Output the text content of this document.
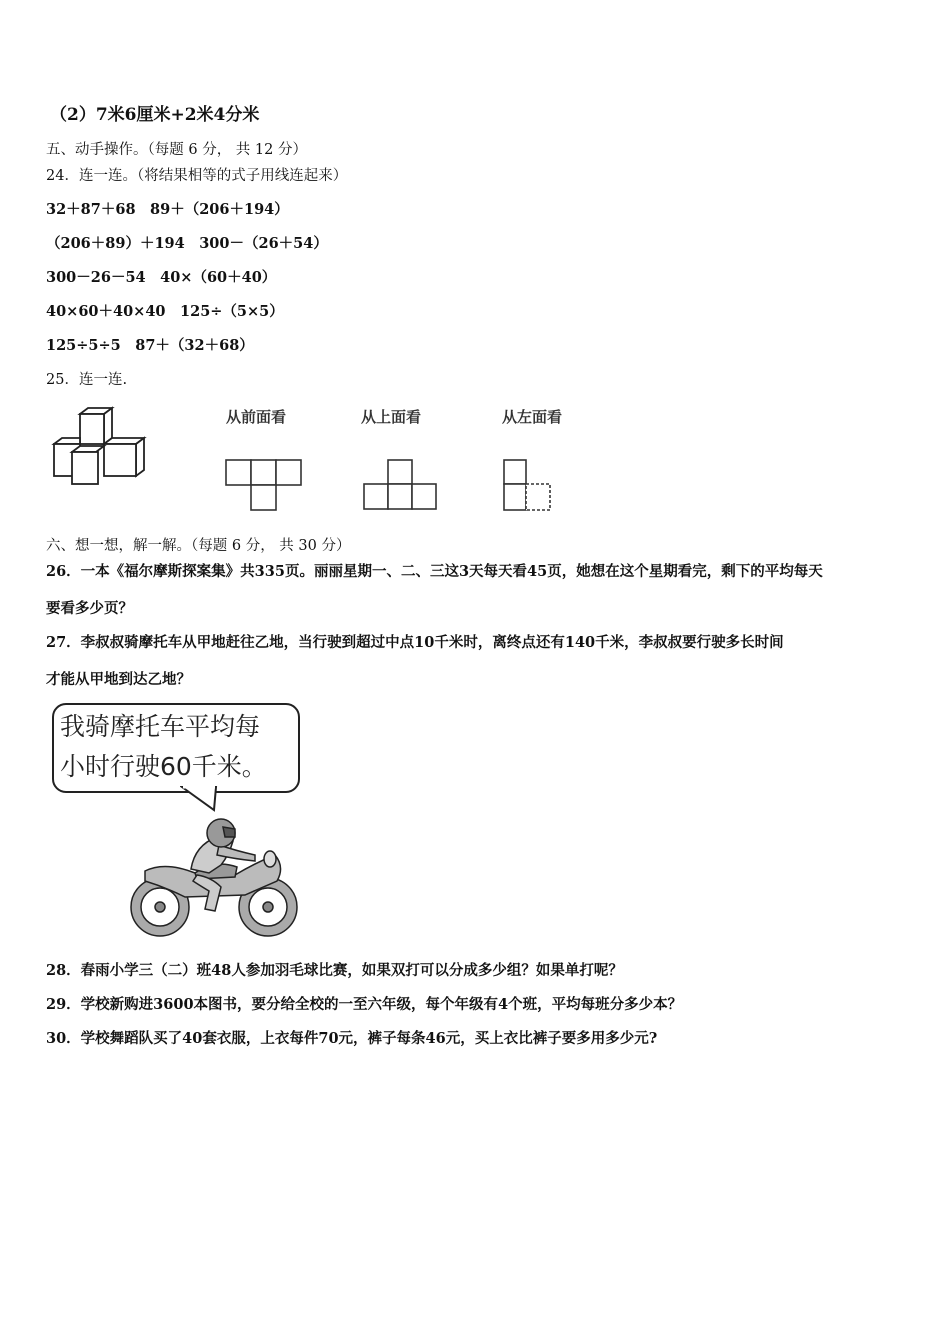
（2）7米6厘米+2米4分米
五、动手操作。（每题 6 分， 共 12 分）
24．连一连。（将结果相等的式子用线连起来）
32＋87＋68　89＋（206＋194）
（206＋89）＋194　300－（26＋54）
300－26－54　40×（60＋40）
40×60＋40×40　125÷（5×5）
125÷5÷5　87＋（32＋68）
25．连一连.
从前面看	从上面看	从左面看
六、想一想，解一解。（每题 6 分， 共 30 分）
26．一本《福尔摩斯探案集》共335页。丽丽星期一、二、三这3天每天看45页，她想在这个星期看完，剩下的平均每天
要看多少页？
27．李叔叔骑摩托车从甲地赶往乙地，当行驶到超过中点10千米时，离终点还有140千米，李叔叔要行驶多长时间
才能从甲地到达乙地？
我骑摩托车平均每
小时行驶60千米。
28．春雨小学三（二）班48人参加羽毛球比赛，如果双打可以分成多少组？如果单打呢？
29．学校新购进3600本图书，要分给全校的一至六年级，每个年级有4个班，平均每班分多少本？
30．学校舞蹈队买了40套衣服，上衣每件70元，裤子每条46元，买上衣比裤子要多用多少元?
